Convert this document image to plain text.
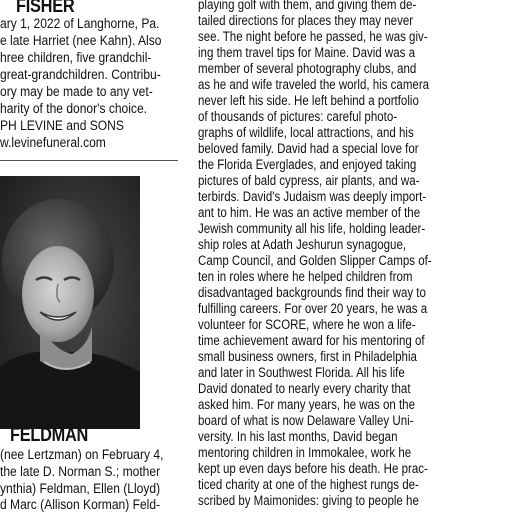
FISHER
ary 1, 2022 of Langhorne, Pa.
e late Harriet (nee Kahn). Also
hree children, five grandchil-
great-grandchildren. Contribu-
ory may be made to any vet-
harity of the donor's choice.
PH LEVINE and SONS
w.levinefuneral.com
FELDMAN
(nee Lertzman) on February 4,
the late D. Norman S.; mother
ynthia) Feldman, Ellen (Lloyd)
d Marc (Allison Korman) Feld-
playing golf with them, and giving them de-
tailed directions for places they may never
see. The night before he passed, he was giv-
ing them travel tips for Maine. David was a
member of several photography clubs, and
as he and wife traveled the world, his camera
never left his side. He left behind a portfolio
of thousands of pictures: careful photo-
graphs of wildlife, local attractions, and his
beloved family. David had a special love for
the Florida Everglades, and enjoyed taking
pictures of bald cypress, air plants, and wa-
terbirds. David's Judaism was deeply import-
ant to him. He was an active member of the
Jewish community all his life, holding leader-
ship roles at Adath Jeshurun synagogue,
Camp Council, and Golden Slipper Camps of-
ten in roles where he helped children from
disadvantaged backgrounds find their way to
fulfilling careers. For over 20 years, he was a
volunteer for SCORE, where he won a life-
time achievement award for his mentoring of
small business owners, first in Philadelphia
and later in Southwest Florida. All his life
David donated to nearly every charity that
asked him. For many years, he was on the
board of what is now Delaware Valley Uni-
versity. In his last months, David began
mentoring children in Immokalee, work he
kept up even days before his death. He prac-
ticed charity at one of the highest rungs de-
scribed by Maimonides: giving to people he
